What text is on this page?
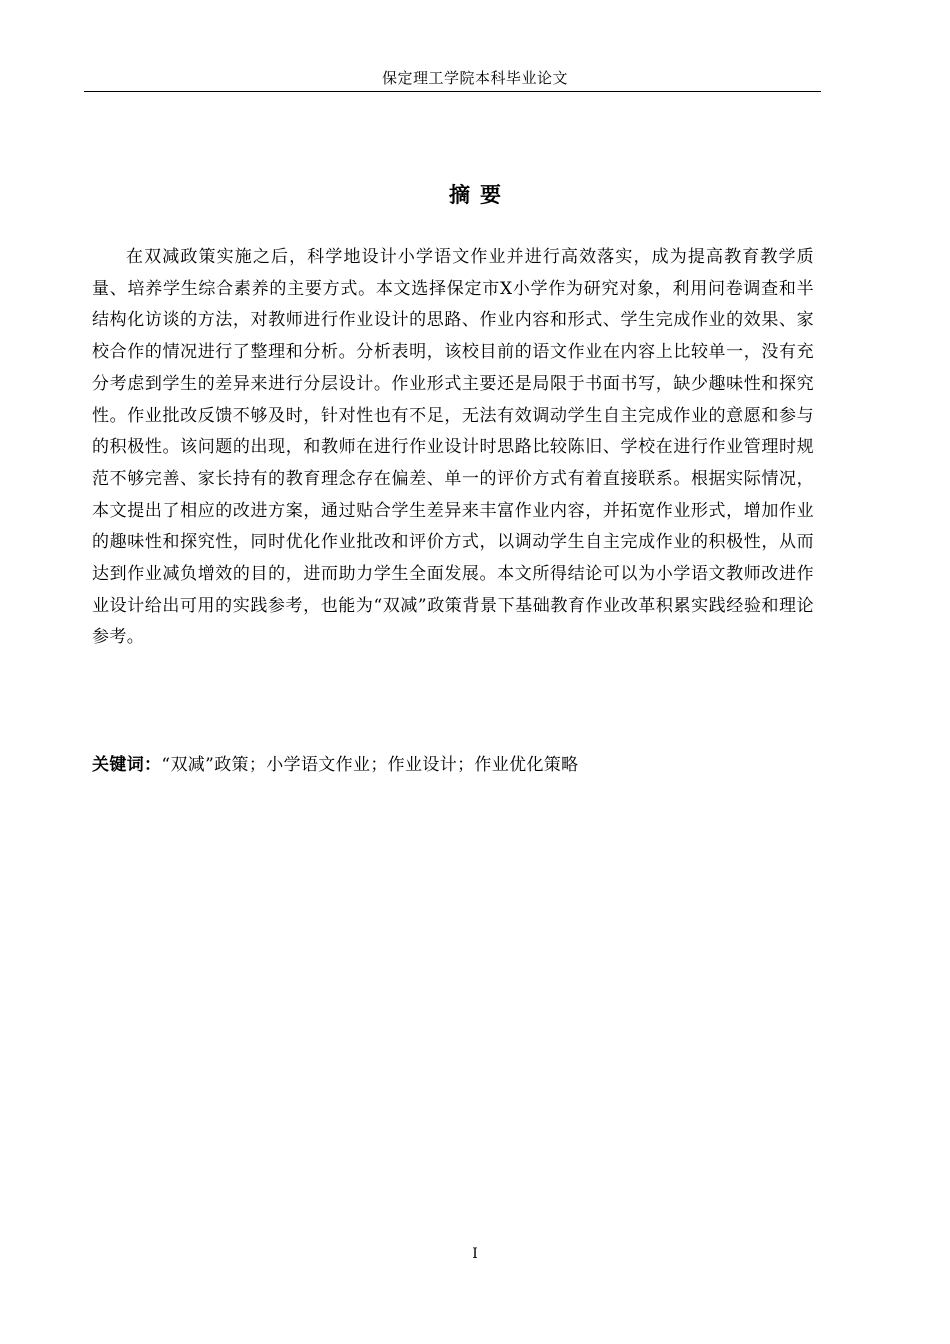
保定理工学院本科毕业论文
摘要

在双减政策实施之后，科学地设计小学语文作业并进行高效落实，成为提高教育教学质量、培养学生综合素养的主要方式。本文选择保定市X小学作为研究对象，利用问卷调查和半结构化访谈的方法，对教师进行作业设计的思路、作业内容和形式、学生完成作业的效果、家校合作的情况进行了整理和分析。分析表明，该校目前的语文作业在内容上比较单一，没有充分考虑到学生的差异来进行分层设计。作业形式主要还是局限于书面书写，缺少趣味性和探究性。作业批改反馈不够及时，针对性也有不足，无法有效调动学生自主完成作业的意愿和参与的积极性。该问题的出现，和教师在进行作业设计时思路比较陈旧、学校在进行作业管理时规范不够完善、家长持有的教育理念存在偏差、单一的评价方式有着直接联系。根据实际情况，本文提出了相应的改进方案，通过贴合学生差异来丰富作业内容，并拓宽作业形式，增加作业的趣味性和探究性，同时优化作业批改和评价方式，以调动学生自主完成作业的积极性，从而达到作业减负增效的目的，进而助力学生全面发展。本文所得结论可以为小学语文教师改进作业设计给出可用的实践参考，也能为“双减”政策背景下基础教育作业改革积累实践经验和理论参考。

关键词：“双减”政策；小学语文作业；作业设计；作业优化策略
I
